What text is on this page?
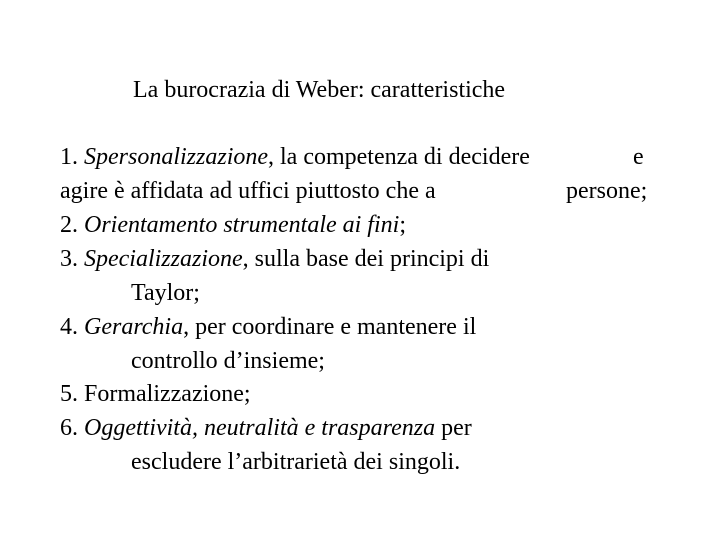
La burocrazia di Weber: caratteristiche
1. Spersonalizzazione, la competenza di decidere	e
agire è affidata ad uffici piuttosto che a	persone;
2. Orientamento strumentale ai fini;
3. Specializzazione, sulla base dei principi di
Taylor;
4. Gerarchia, per coordinare e mantenere il
controllo d’insieme;
5. Formalizzazione;
6. Oggettività, neutralità e trasparenza per
escludere l’arbitrarietà dei singoli.
